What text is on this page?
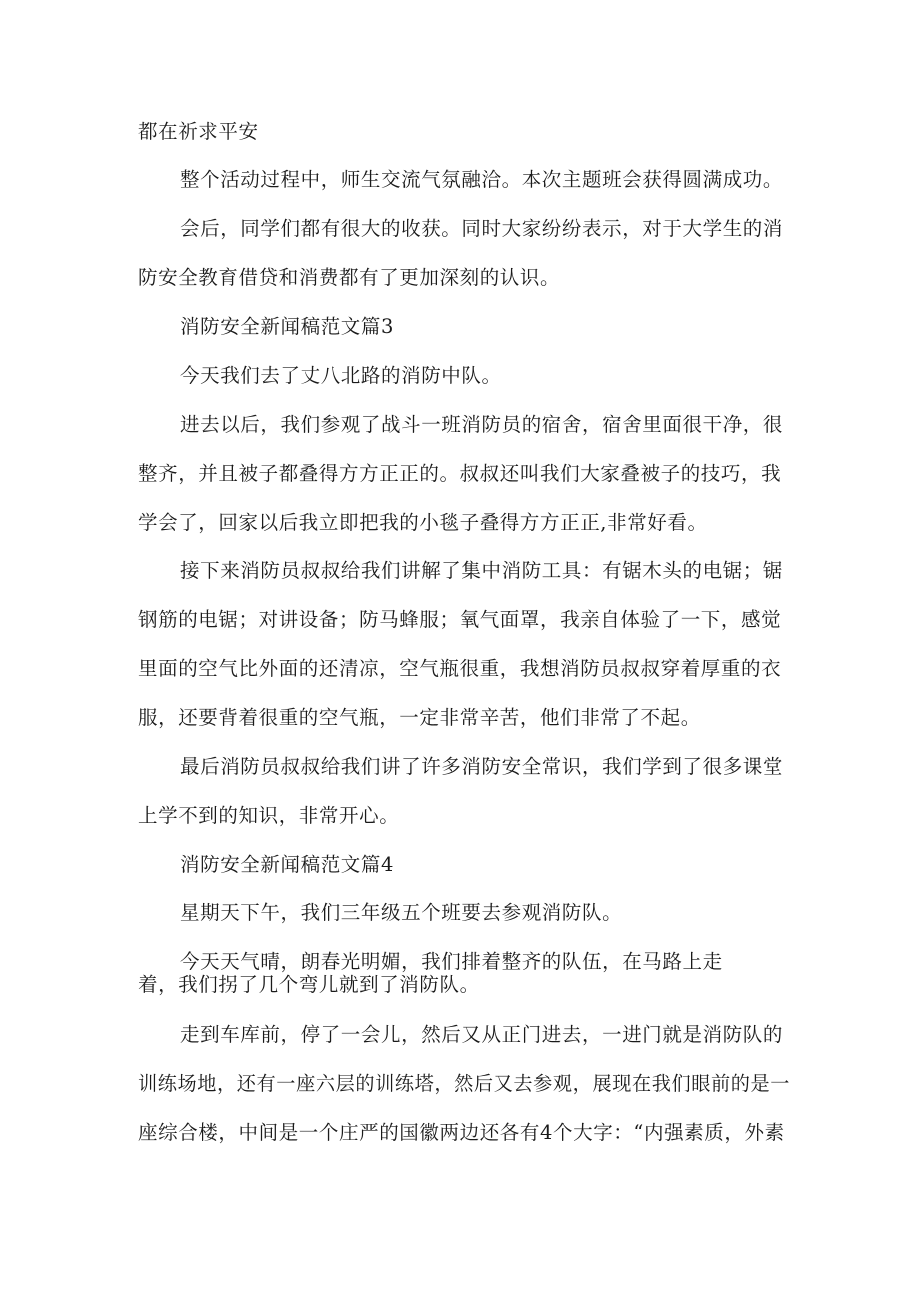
都在祈求平安
整个活动过程中，师生交流气氛融洽。本次主题班会获得圆满成功。
会后，同学们都有很大的收获。同时大家纷纷表示，对于大学生的消
防安全教育借贷和消费都有了更加深刻的认识。
消防安全新闻稿范文篇3
今天我们去了丈八北路的消防中队。
进去以后，我们参观了战斗一班消防员的宿舍，宿舍里面很干净，很
整齐，并且被子都叠得方方正正的。叔叔还叫我们大家叠被子的技巧，我
学会了，回家以后我立即把我的小毯子叠得方方正正,非常好看。
接下来消防员叔叔给我们讲解了集中消防工具：有锯木头的电锯；锯
钢筋的电锯；对讲设备；防马蜂服；氧气面罩，我亲自体验了一下，感觉
里面的空气比外面的还清凉，空气瓶很重，我想消防员叔叔穿着厚重的衣
服，还要背着很重的空气瓶，一定非常辛苦，他们非常了不起。
最后消防员叔叔给我们讲了许多消防安全常识，我们学到了很多课堂
上学不到的知识，非常开心。
消防安全新闻稿范文篇4
星期天下午，我们三年级五个班要去参观消防队。
今天天气晴，朗春光明媚，我们排着整齐的队伍，在马路上走
着，我们拐了几个弯儿就到了消防队。
走到车库前，停了一会儿，然后又从正门进去，一进门就是消防队的
训练场地，还有一座六层的训练塔，然后又去参观，展现在我们眼前的是一
座综合楼，中间是一个庄严的国徽两边还各有4个大字：“内强素质，外素
